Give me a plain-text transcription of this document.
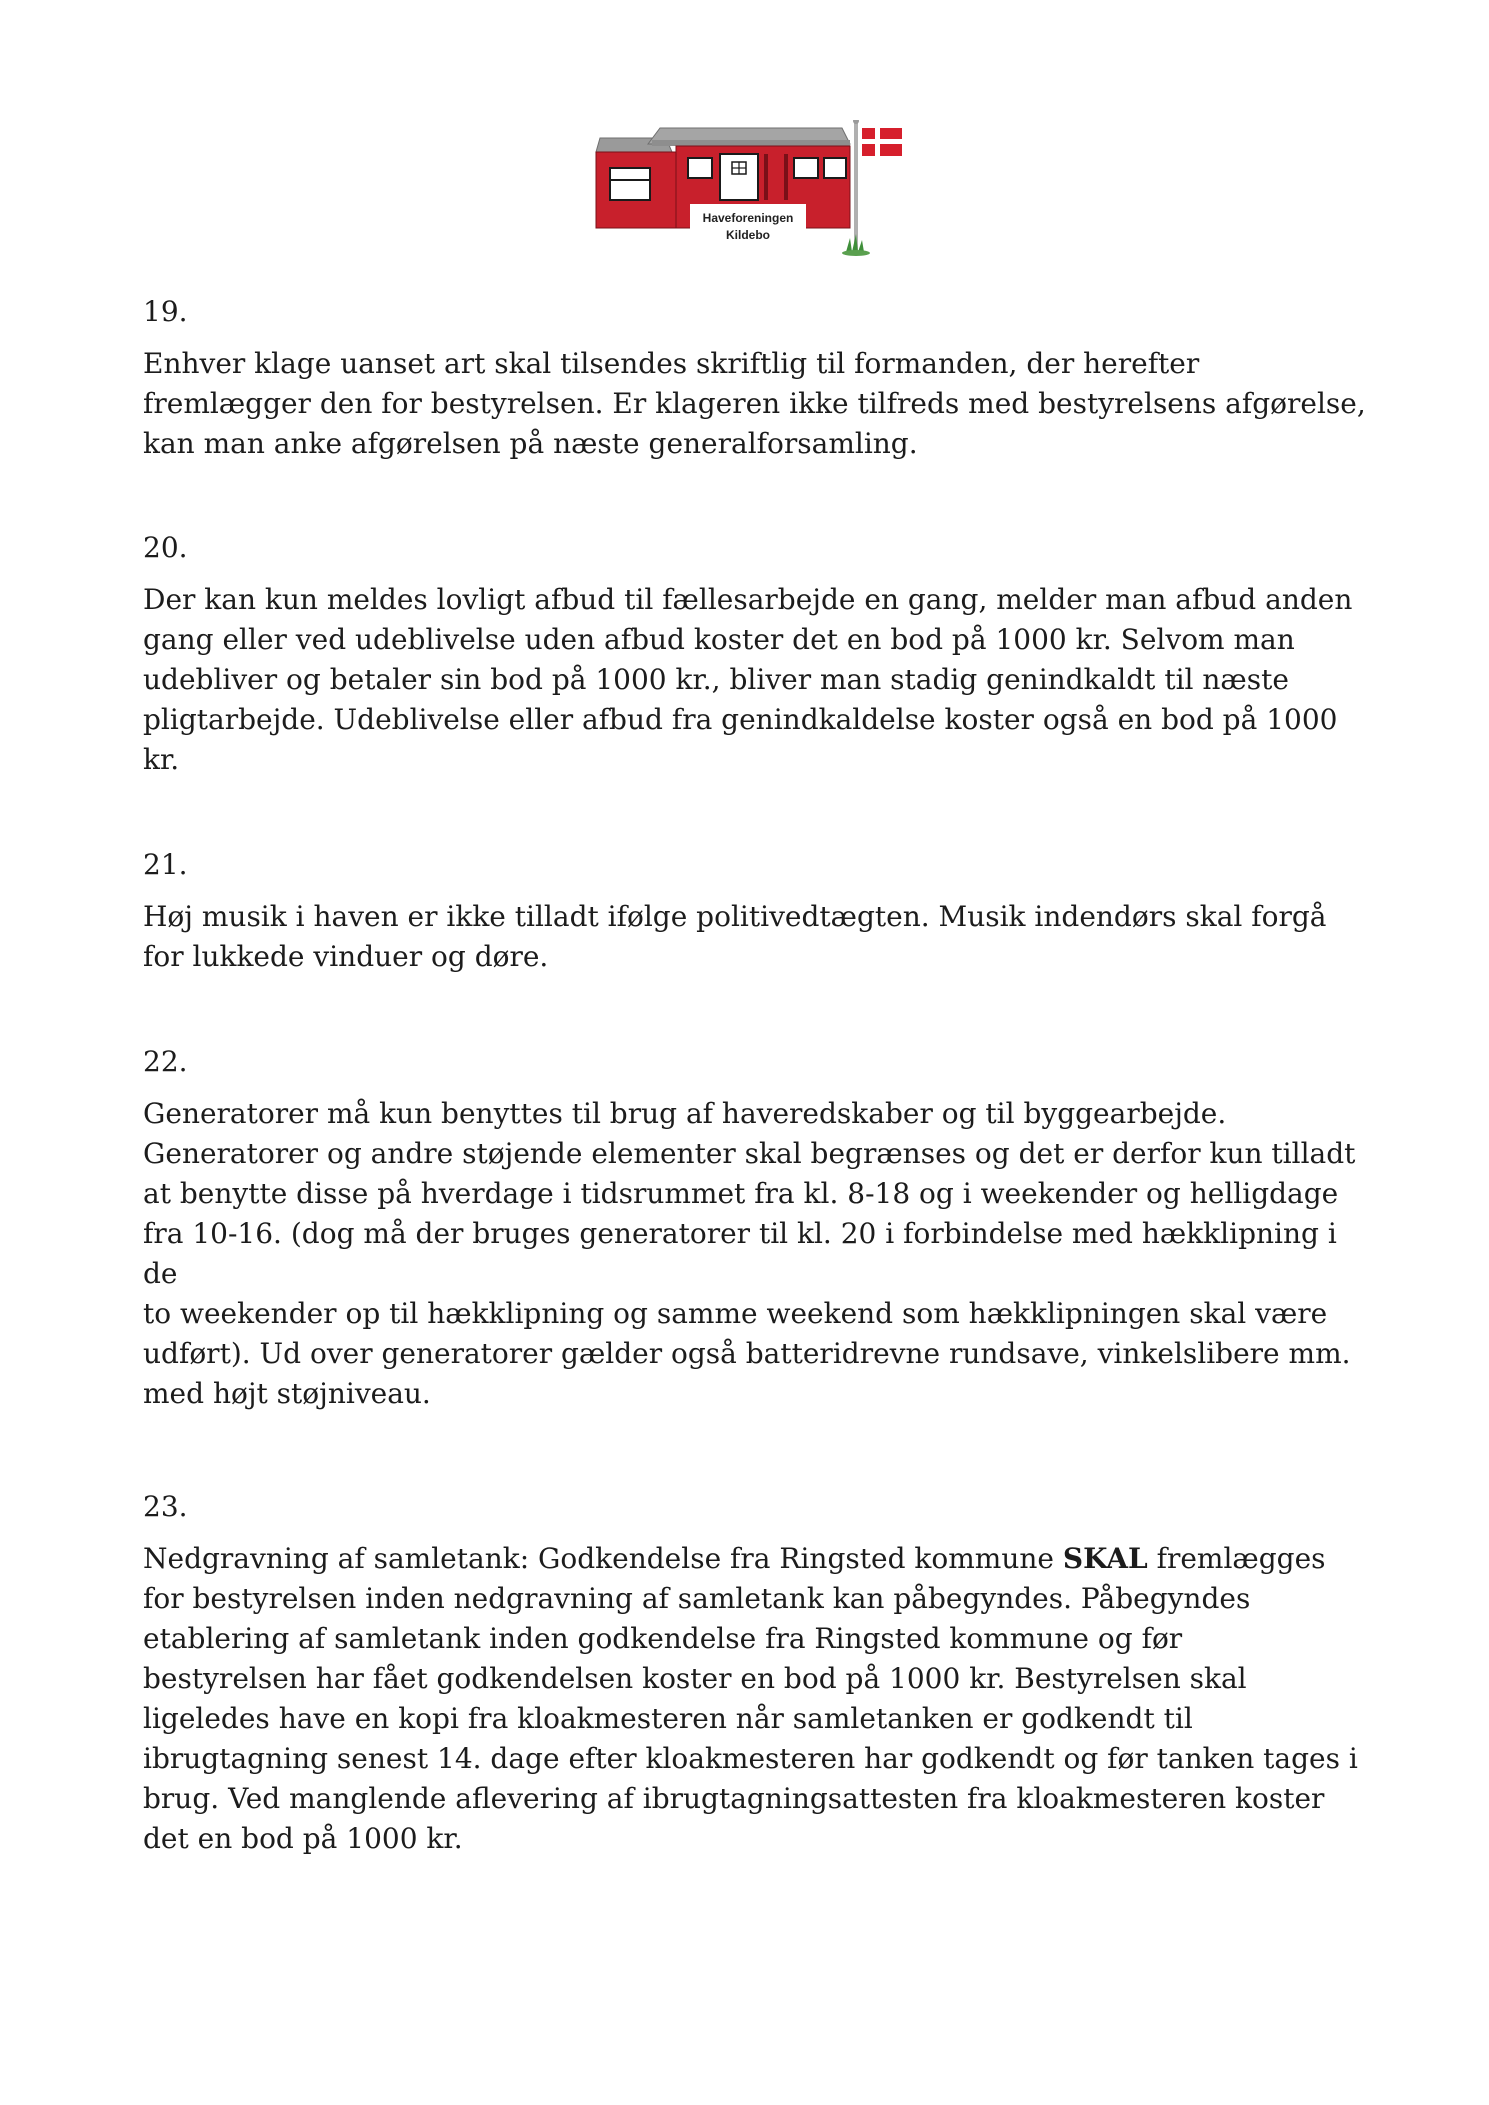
Haveforeningen
Kildebo
19.

Enhver klage uanset art skal tilsendes skriftlig til formanden, der herefter
fremlægger den for bestyrelsen. Er klageren ikke tilfreds med bestyrelsens afgørelse,
kan man anke afgørelsen på næste generalforsamling.

20.

Der kan kun meldes lovligt afbud til fællesarbejde en gang, melder man afbud anden
gang eller ved udeblivelse uden afbud koster det en bod på 1000 kr. Selvom man
udebliver og betaler sin bod på 1000 kr., bliver man stadig genindkaldt til næste
pligtarbejde. Udeblivelse eller afbud fra genindkaldelse koster også en bod på 1000
kr.

21.

Høj musik i haven er ikke tilladt ifølge politivedtægten. Musik indendørs skal forgå
for lukkede vinduer og døre.

22.

Generatorer må kun benyttes til brug af haveredskaber og til byggearbejde.
Generatorer og andre støjende elementer skal begrænses og det er derfor kun tilladt
at benytte disse på hverdage i tidsrummet fra kl. 8-18 og i weekender og helligdage
fra 10-16. (dog må der bruges generatorer til kl. 20 i forbindelse med hækklipning i de
to weekender op til hækklipning og samme weekend som hækklipningen skal være
udført). Ud over generatorer gælder også batteridrevne rundsave, vinkelslibere mm.
med højt støjniveau.

23.

Nedgravning af samletank: Godkendelse fra Ringsted kommune SKAL fremlægges
for bestyrelsen inden nedgravning af samletank kan påbegyndes. Påbegyndes
etablering af samletank inden godkendelse fra Ringsted kommune og før
bestyrelsen har fået godkendelsen koster en bod på 1000 kr. Bestyrelsen skal
ligeledes have en kopi fra kloakmesteren når samletanken er godkendt til
ibrugtagning senest 14. dage efter kloakmesteren har godkendt og før tanken tages i
brug. Ved manglende aflevering af ibrugtagningsattesten fra kloakmesteren koster
det en bod på 1000 kr.
